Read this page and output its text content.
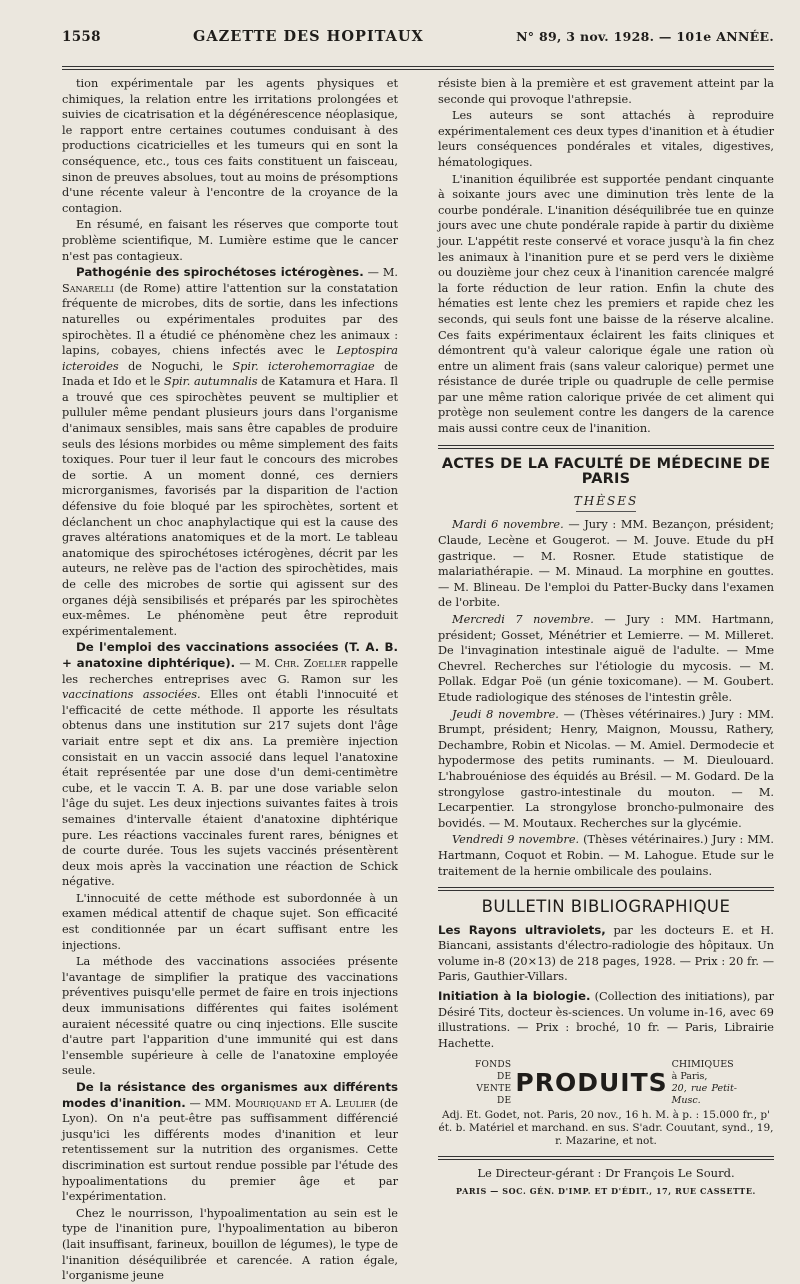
1558	GAZETTE DES HOPITAUX	N° 89, 3 nov. 1928. — 101e ANNÉE.

tion expérimentale par les agents physiques et chimiques, la relation entre les irritations prolongées et suivies de cicatrisation et la dégénérescence néoplasique, le rapport entre certaines coutumes conduisant à des productions cicatricielles et les tumeurs qui en sont la conséquence, etc., tous ces faits constituent un faisceau, sinon de preuves absolues, tout au moins de présomptions d'une récente valeur à l'encontre de la croyance de la contagion.

En résumé, en faisant les réserves que comporte tout problème scientifique, M. Lumière estime que le cancer n'est pas contagieux.

Pathogénie des spirochétoses ictérogènes. — M. Sanarelli (de Rome) attire l'attention sur la constatation fréquente de microbes, dits de sortie, dans les infections naturelles ou expérimentales produites par des spirochètes. Il a étudié ce phénomène chez les animaux : lapins, cobayes, chiens infectés avec le Leptospira icteroides de Noguchi, le Spir. icterohemorragiae de Inada et Ido et le Spir. autumnalis de Katamura et Hara. Il a trouvé que ces spirochètes peuvent se multiplier et pulluler même pendant plusieurs jours dans l'organisme d'animaux sensibles, mais sans être capables de produire seuls des lésions morbides ou même simplement des faits toxiques. Pour tuer il leur faut le concours des microbes de sortie. A un moment donné, ces derniers microrganismes, favorisés par la disparition de l'action défensive du foie bloqué par les spirochètes, sortent et déclanchent un choc anaphylactique qui est la cause des graves altérations anatomiques et de la mort. Le tableau anatomique des spirochétoses ictérogènes, décrit par les auteurs, ne relève pas de l'action des spirochètides, mais de celle des microbes de sortie qui agissent sur des organes déjà sensibilisés et préparés par les spirochètes eux-mêmes. Le phénomène peut être reproduit expérimentalement.

De l'emploi des vaccinations associées (T. A. B. + anatoxine diphtérique). — M. Chr. Zoeller rappelle les recherches entreprises avec G. Ramon sur les vaccinations associées. Elles ont établi l'innocuité et l'efficacité de cette méthode. Il apporte les résultats obtenus dans une institution sur 217 sujets dont l'âge variait entre sept et dix ans. La première injection consistait en un vaccin associé dans lequel l'anatoxine était représentée par une dose d'un demi-centimètre cube, et le vaccin T. A. B. par une dose variable selon l'âge du sujet. Les deux injections suivantes faites à trois semaines d'intervalle étaient d'anatoxine diphtérique pure. Les réactions vaccinales furent rares, bénignes et de courte durée. Tous les sujets vaccinés présentèrent deux mois après la vaccination une réaction de Schick négative.

L'innocuité de cette méthode est subordonnée à un examen médical attentif de chaque sujet. Son efficacité est conditionnée par un écart suffisant entre les injections.

La méthode des vaccinations associées présente l'avantage de simplifier la pratique des vaccinations préventives puisqu'elle permet de faire en trois injections deux immunisations différentes qui faites isolément auraient nécessité quatre ou cinq injections. Elle suscite d'autre part l'apparition d'une immunité qui est dans l'ensemble supérieure à celle de l'anatoxine employée seule.

De la résistance des organismes aux différents modes d'inanition. — MM. Mouriquand et A. Leulier (de Lyon). On n'a peut-être pas suffisamment différencié jusqu'ici les différents modes d'inanition et leur retentissement sur la nutrition des organismes. Cette discrimination est surtout rendue possible par l'étude des hypoalimentations du premier âge et par l'expérimentation.

Chez le nourrisson, l'hypoalimentation au sein est le type de l'inanition pure, l'hypoalimentation au biberon (lait insuffisant, farineux, bouillon de légumes), le type de l'inanition déséquilibrée et carencée. A ration égale, l'organisme jeune

résiste bien à la première et est gravement atteint par la seconde qui provoque l'athrepsie.

Les auteurs se sont attachés à reproduire expérimentalement ces deux types d'inanition et à étudier leurs conséquences pondérales et vitales, digestives, hématologiques.

L'inanition équilibrée est supportée pendant cinquante à soixante jours avec une diminution très lente de la courbe pondérale. L'inanition déséquilibrée tue en quinze jours avec une chute pondérale rapide à partir du dixième jour. L'appétit reste conservé et vorace jusqu'à la fin chez les animaux à l'inanition pure et se perd vers le dixième ou douzième jour chez ceux à l'inanition carencée malgré la forte réduction de leur ration. Enfin la chute des hématies est lente chez les premiers et rapide chez les seconds, qui seuls font une baisse de la réserve alcaline. Ces faits expérimentaux éclairent les faits cliniques et démontrent qu'à valeur calorique égale une ration où entre un aliment frais (sans valeur calorique) permet une résistance de durée triple ou quadruple de celle permise par une même ration calorique privée de cet aliment qui protège non seulement contre les dangers de la carence mais aussi contre ceux de l'inanition.

ACTES DE LA FACULTÉ DE MÉDECINE DE PARIS
THÈSES

Mardi 6 novembre. — Jury : MM. Bezançon, président; Claude, Lecène et Gougerot. — M. Jouve. Etude du pH gastrique. — M. Rosner. Etude statistique de malariathérapie. — M. Minaud. La morphine en gouttes. — M. Blineau. De l'emploi du Patter-Bucky dans l'examen de l'orbite.

Mercredi 7 novembre. — Jury : MM. Hartmann, président; Gosset, Ménétrier et Lemierre. — M. Milleret. De l'invagination intestinale aiguë de l'adulte. — Mme Chevrel. Recherches sur l'étiologie du mycosis. — M. Pollak. Edgar Poë (un génie toxicomane). — M. Goubert. Etude radiologique des sténoses de l'intestin grêle.

Jeudi 8 novembre. — (Thèses vétérinaires.) Jury : MM. Brumpt, président; Henry, Maignon, Moussu, Rathery, Dechambre, Robin et Nicolas. — M. Amiel. Dermodecie et hypodermose des petits ruminants. — M. Dieulouard. L'habrouéniose des équidés au Brésil. — M. Godard. De la strongylose gastro-intestinale du mouton. — M. Lecarpentier. La strongylose broncho-pulmonaire des bovidés. — M. Moutaux. Recherches sur la glycémie.

Vendredi 9 novembre. (Thèses vétérinaires.) Jury : MM. Hartmann, Coquot et Robin. — M. Lahogue. Etude sur le traitement de la hernie ombilicale des poulains.

BULLETIN BIBLIOGRAPHIQUE

Les Rayons ultraviolets, par les docteurs E. et H. Biancani, assistants d'électro-radiologie des hôpitaux. Un volume in-8 (20×13) de 218 pages, 1928. — Prix : 20 fr. — Paris, Gauthier-Villars.

Initiation à la biologie. (Collection des initiations), par Désiré Tits, docteur ès-sciences. Un volume in-16, avec 69 illustrations. — Prix : broché, 10 fr. — Paris, Librairie Hachette.

FONDS DE
VENTE DE
PRODUITS
CHIMIQUES à Paris,
20, rue Petit-Musc.
Adj. Et. Godet, not. Paris, 20 nov., 16 h. M. à p. : 15.000 fr., p' ét. b. Matériel et marchand. en sus. S'adr. Couutant, synd., 19, r. Mazarine, et not.
Le Directeur-gérant : Dr François Le Sourd.
PARIS — SOC. GÉN. D'IMP. ET D'ÉDIT., 17, RUE CASSETTE.
